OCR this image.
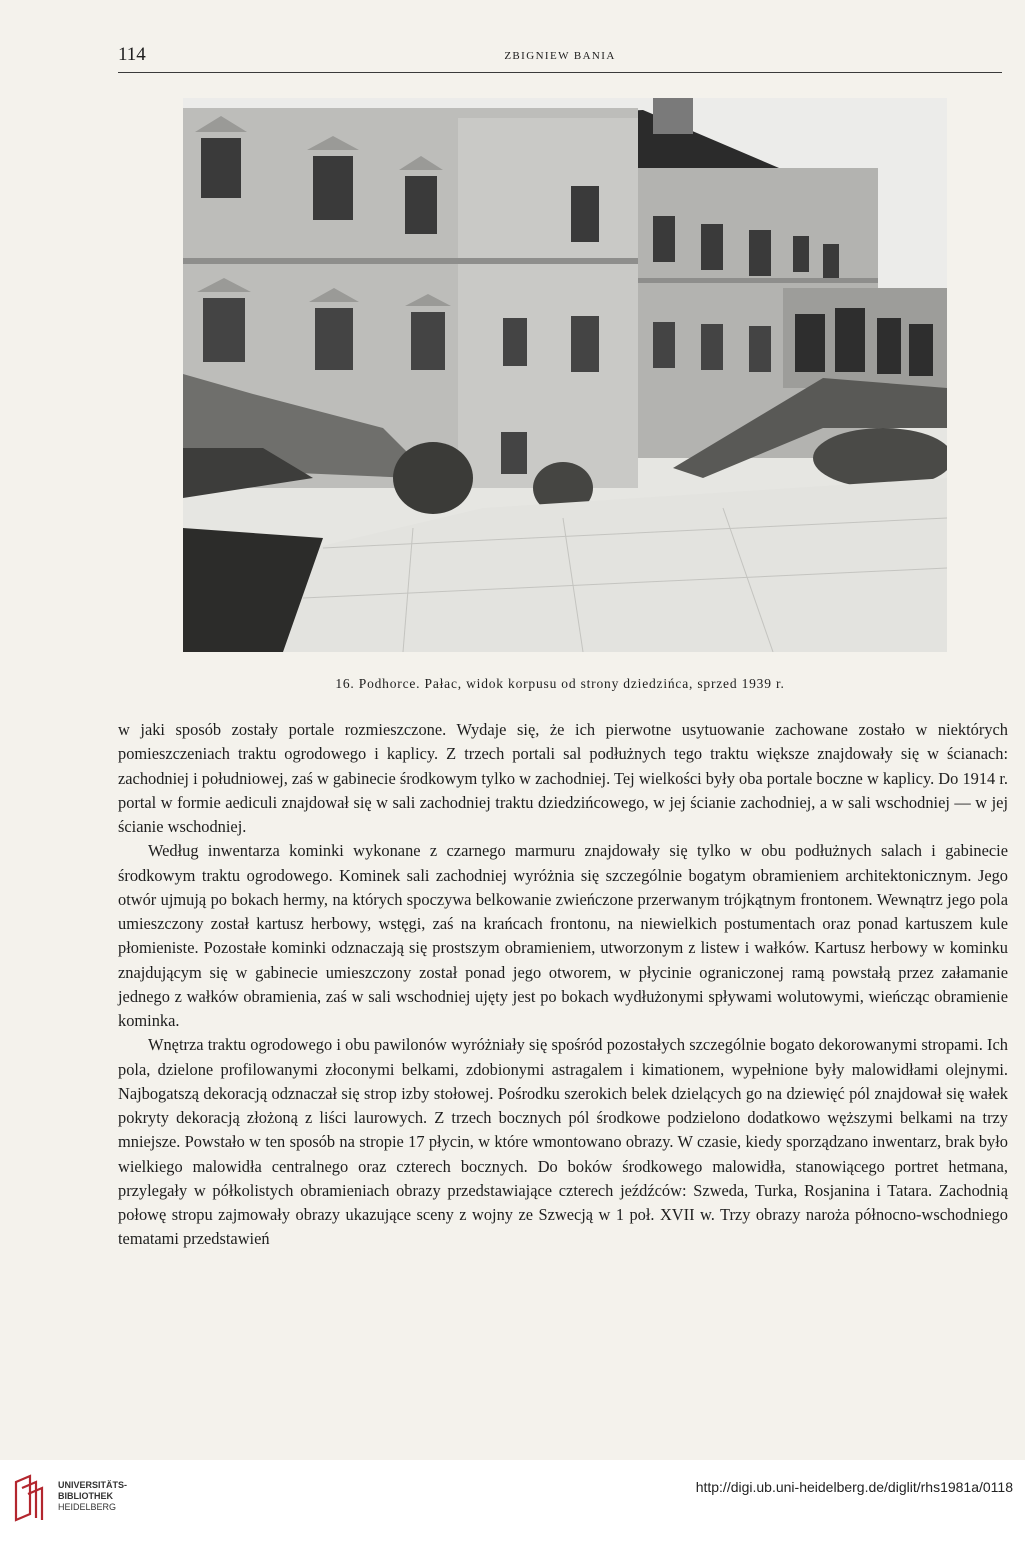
114	ZBIGNIEW BANIA
16. Podhorce. Pałac, widok korpusu od strony dziedzińca, sprzed 1939 r.

w jaki sposób zostały portale rozmieszczone. Wydaje się, że ich pierwotne usytuowanie zachowane zostało w niektórych pomieszczeniach traktu ogrodowego i kaplicy. Z trzech portali sal podłużnych tego traktu większe znajdowały się w ścianach: zachodniej i południowej, zaś w gabinecie środkowym tylko w zachodniej. Tej wielkości były oba portale boczne w kaplicy. Do 1914 r. portal w formie aediculi znajdował się w sali zachodniej traktu dziedzińcowego, w jej ścianie zachodniej, a w sali wschodniej — w jej ścianie wschodniej.

Według inwentarza kominki wykonane z czarnego marmuru znajdowały się tylko w obu podłużnych salach i gabinecie środkowym traktu ogrodowego. Kominek sali zachodniej wyróżnia się szczególnie bogatym obramieniem architektonicznym. Jego otwór ujmują po bokach hermy, na których spoczywa belkowanie zwieńczone przerwanym trójkątnym frontonem. Wewnątrz jego pola umieszczony został kartusz herbowy, wstęgi, zaś na krańcach frontonu, na niewielkich postumentach oraz ponad kartuszem kule płomieniste. Pozostałe kominki odznaczają się prostszym obramieniem, utworzonym z listew i wałków. Kartusz herbowy w kominku znajdującym się w gabinecie umieszczony został ponad jego otworem, w płycinie ograniczonej ramą powstałą przez załamanie jednego z wałków obramienia, zaś w sali wschodniej ujęty jest po bokach wydłużonymi spływami wolutowymi, wieńcząc obramienie kominka.

Wnętrza traktu ogrodowego i obu pawilonów wyróżniały się spośród pozostałych szczególnie bogato dekorowanymi stropami. Ich pola, dzielone profilowanymi złoconymi belkami, zdobionymi astragalem i kimationem, wypełnione były malowidłami olejnymi. Najbogatszą dekoracją odznaczał się strop izby stołowej. Pośrodku szerokich belek dzielących go na dziewięć pól znajdował się wałek pokryty dekoracją złożoną z liści laurowych. Z trzech bocznych pól środkowe podzielono dodatkowo węższymi belkami na trzy mniejsze. Powstało w ten sposób na stropie 17 płycin, w które wmontowano obrazy. W czasie, kiedy sporządzano inwentarz, brak było wielkiego malowidła centralnego oraz czterech bocznych. Do boków środkowego malowidła, stanowiącego portret hetmana, przylegały w półkolistych obramieniach obrazy przedstawiające czterech jeźdźców: Szweda, Turka, Rosjanina i Tatara. Zachodnią połowę stropu zajmowały obrazy ukazujące sceny z wojny ze Szwecją w 1 poł. XVII w. Trzy obrazy naroża północno-wschodniego tematami przedstawień

UNIVERSITÄTS-
BIBLIOTHEK
HEIDELBERG
http://digi.ub.uni-heidelberg.de/diglit/rhs1981a/0118
